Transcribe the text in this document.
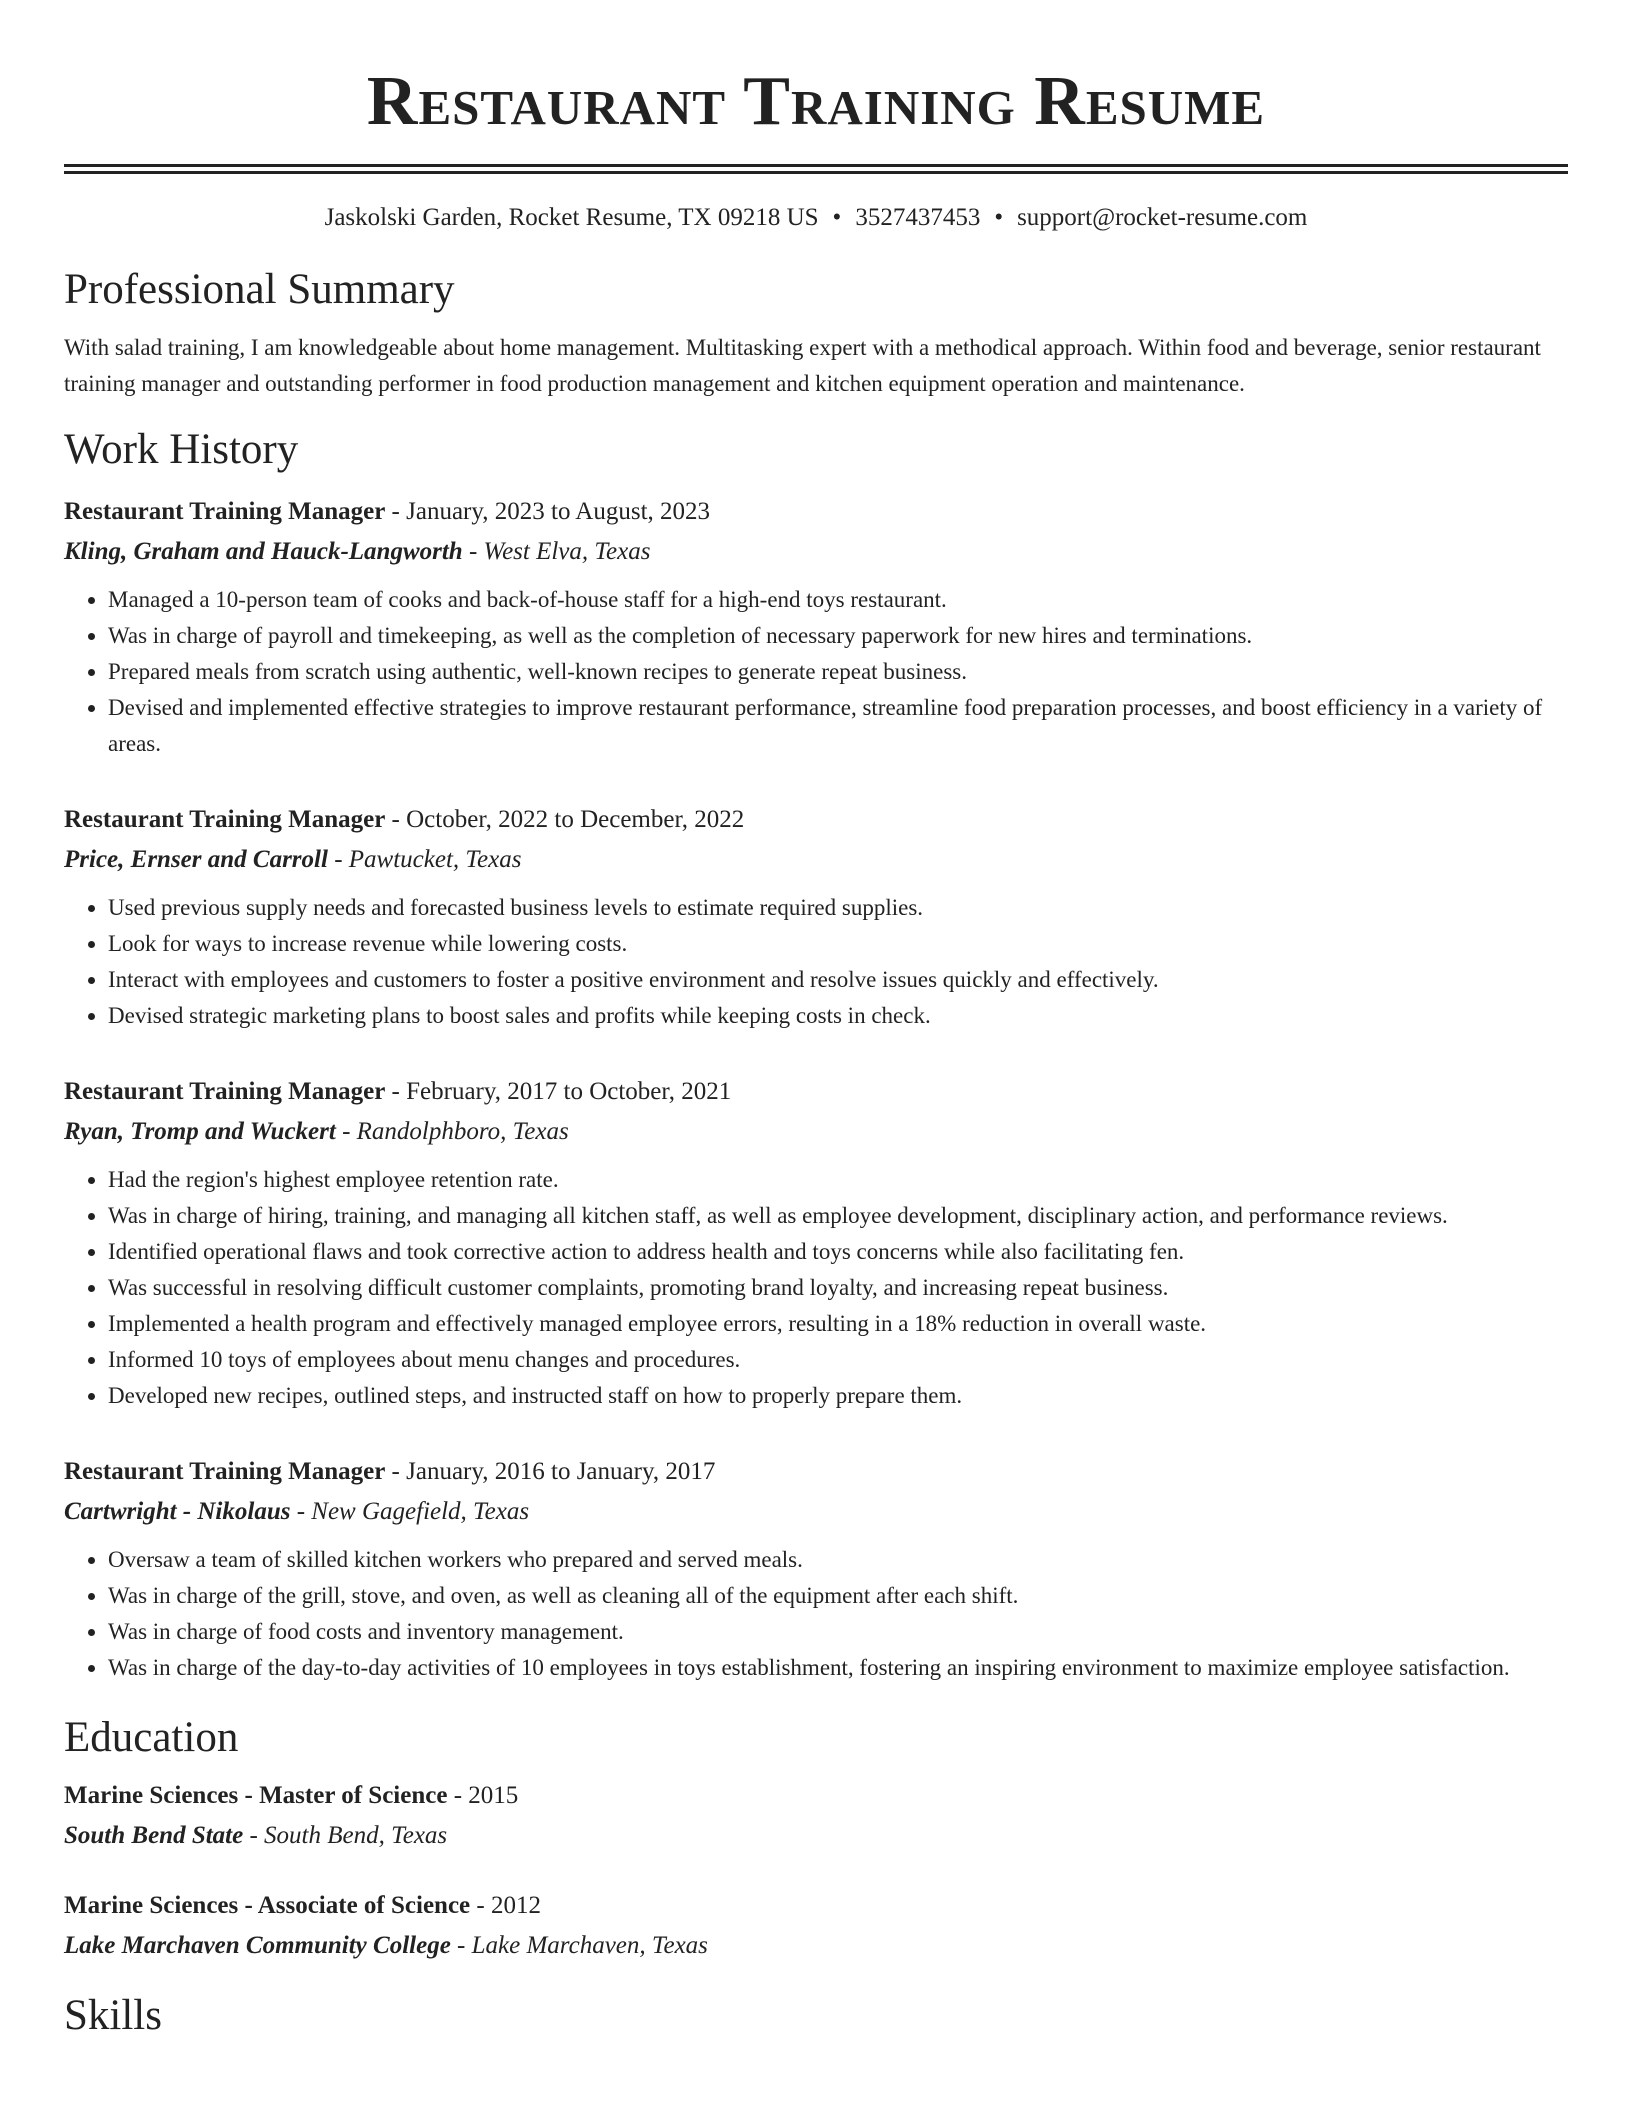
Restaurant Training Resume
Jaskolski Garden, Rocket Resume, TX 09218 US • 3527437453 • support@rocket-resume.com
Professional Summary
With salad training, I am knowledgeable about home management. Multitasking expert with a methodical approach. Within food and beverage, senior restaurant training manager and outstanding performer in food production management and kitchen equipment operation and maintenance.
Work History
Restaurant Training Manager - January, 2023 to August, 2023
Kling, Graham and Hauck-Langworth - West Elva, Texas
• Managed a 10-person team of cooks and back-of-house staff for a high-end toys restaurant.
• Was in charge of payroll and timekeeping, as well as the completion of necessary paperwork for new hires and terminations.
• Prepared meals from scratch using authentic, well-known recipes to generate repeat business.
• Devised and implemented effective strategies to improve restaurant performance, streamline food preparation processes, and boost efficiency in a variety of areas.
Restaurant Training Manager - October, 2022 to December, 2022
Price, Ernser and Carroll - Pawtucket, Texas
• Used previous supply needs and forecasted business levels to estimate required supplies.
• Look for ways to increase revenue while lowering costs.
• Interact with employees and customers to foster a positive environment and resolve issues quickly and effectively.
• Devised strategic marketing plans to boost sales and profits while keeping costs in check.
Restaurant Training Manager - February, 2017 to October, 2021
Ryan, Tromp and Wuckert - Randolphboro, Texas
• Had the region's highest employee retention rate.
• Was in charge of hiring, training, and managing all kitchen staff, as well as employee development, disciplinary action, and performance reviews.
• Identified operational flaws and took corrective action to address health and toys concerns while also facilitating fen.
• Was successful in resolving difficult customer complaints, promoting brand loyalty, and increasing repeat business.
• Implemented a health program and effectively managed employee errors, resulting in a 18% reduction in overall waste.
• Informed 10 toys of employees about menu changes and procedures.
• Developed new recipes, outlined steps, and instructed staff on how to properly prepare them.
Restaurant Training Manager - January, 2016 to January, 2017
Cartwright - Nikolaus - New Gagefield, Texas
• Oversaw a team of skilled kitchen workers who prepared and served meals.
• Was in charge of the grill, stove, and oven, as well as cleaning all of the equipment after each shift.
• Was in charge of food costs and inventory management.
• Was in charge of the day-to-day activities of 10 employees in toys establishment, fostering an inspiring environment to maximize employee satisfaction.
Education
Marine Sciences - Master of Science - 2015
South Bend State - South Bend, Texas
Marine Sciences - Associate of Science - 2012
Lake Marchaven Community College - Lake Marchaven, Texas
Skills
